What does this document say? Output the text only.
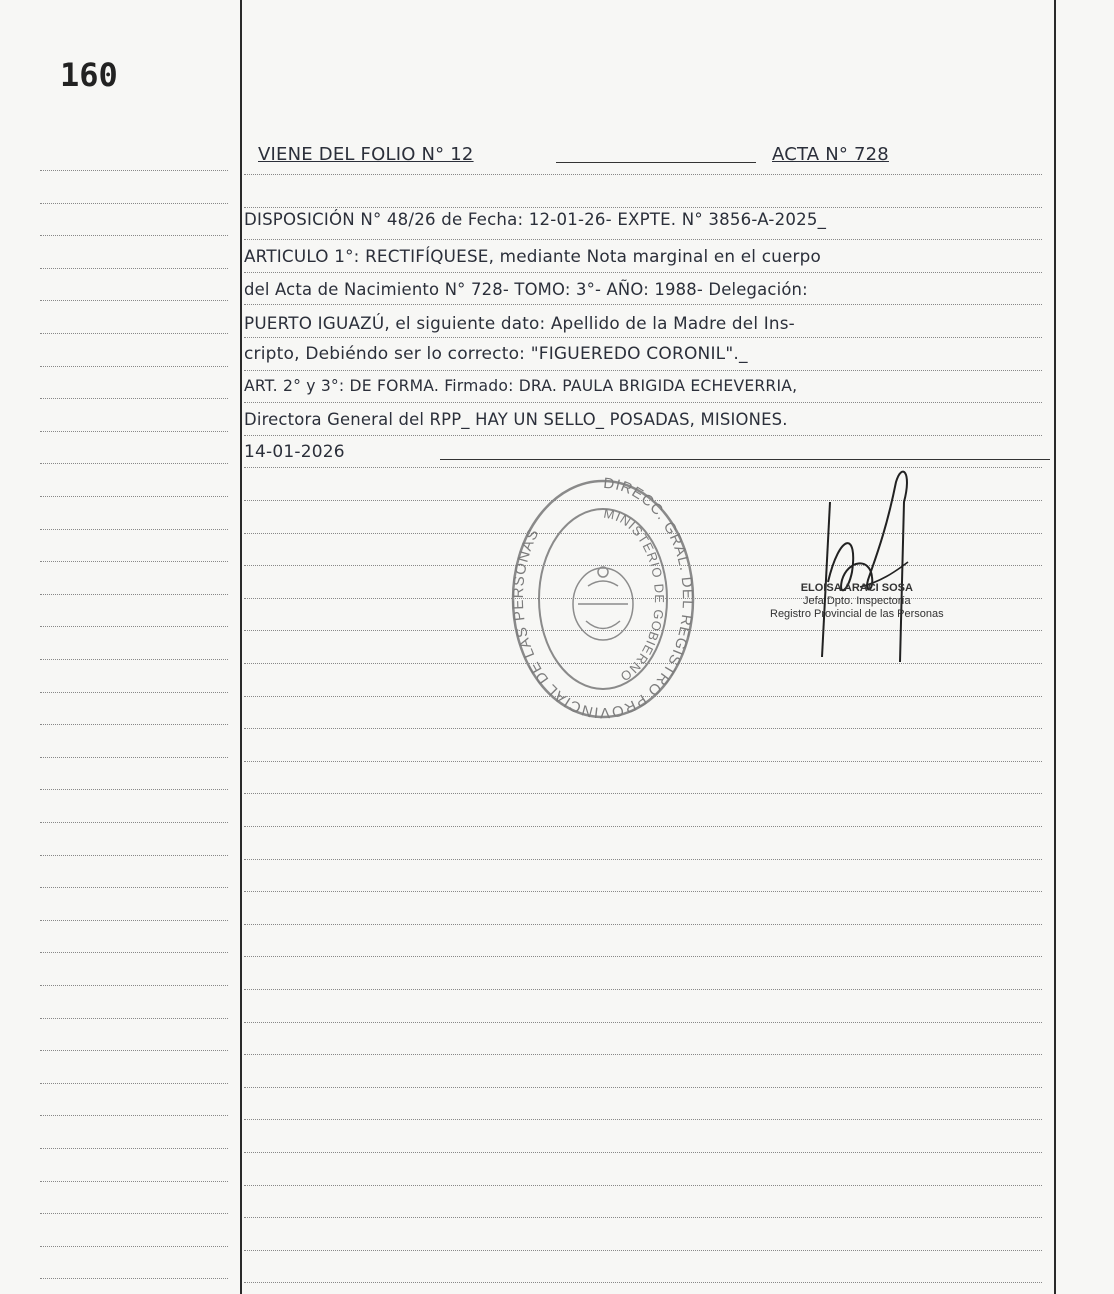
160
VIENE DEL FOLIO N° 12	ACTA N° 728
DISPOSICIÓN N° 48/26 de Fecha: 12-01-26- EXPTE. N° 3856-A-2025_
ARTICULO 1°: RECTIFÍQUESE, mediante Nota marginal en el cuerpo
del Acta de Nacimiento N° 728- TOMO: 3°- AÑO: 1988- Delegación:
PUERTO IGUAZÚ, el siguiente dato: Apellido de la Madre del Ins-
cripto, Debiéndo ser lo correcto: "FIGUEREDO CORONIL"._
ART. 2° y 3°: DE FORMA. Firmado: DRA. PAULA BRIGIDA ECHEVERRIA,
Directora General del RPP_ HAY UN SELLO_ POSADAS, MISIONES.
14-01-2026
DIRECC. GRAL. DEL REGISTRO PROVINCIAL DE LAS PERSONAS
MINISTERIO DE GOBIERNO
ELOISA ARACI SOSA
Jefa Dpto. Inspectoría
Registro Provincial de las Personas
